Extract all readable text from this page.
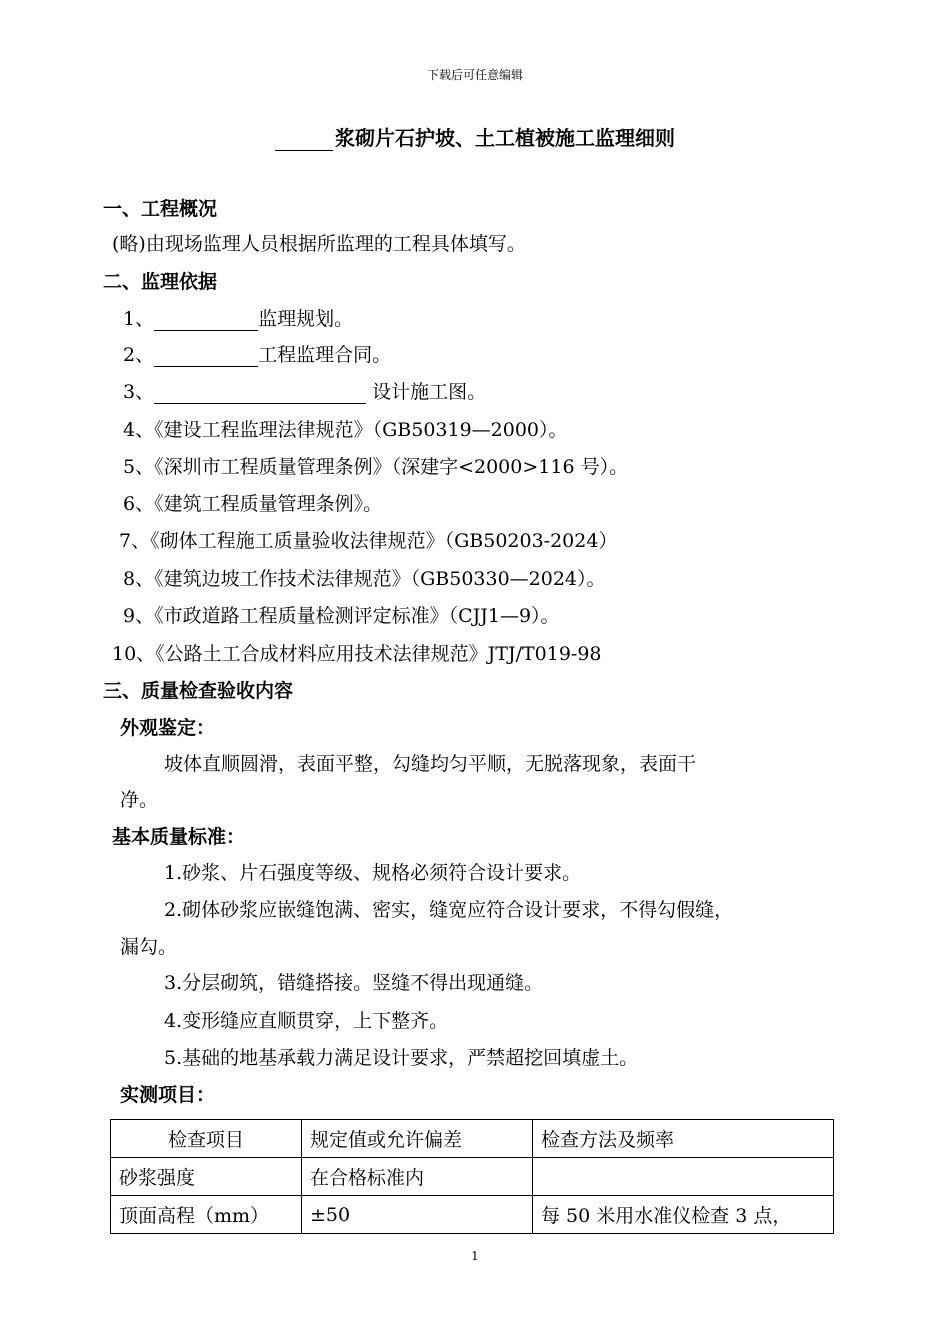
下载后可任意编辑
浆砌片石护坡、土工植被施工监理细则
一、工程概况
(略)由现场监理人员根据所监理的工程具体填写。
二、监理依据
1、	监理规划。
2、	工程监理合同。
3、	设计施工图。
4、《建设工程监理法律规范》（GB50319—2000）。
5、《深圳市工程质量管理条例》（深建字<2000>116 号）。
6、《建筑工程质量管理条例》。
7、《砌体工程施工质量验收法律规范》（GB50203-2024）
8、《建筑边坡工作技术法律规范》（GB50330—2024）。
9、《市政道路工程质量检测评定标准》（CJJ1—9）。
10、《公路土工合成材料应用技术法律规范》JTJ/T019-98
三、质量检查验收内容
外观鉴定：
坡体直顺圆滑，表面平整，勾缝均匀平顺，无脱落现象，表面干
净。
基本质量标准：
1.砂浆、片石强度等级、规格必须符合设计要求。
2.砌体砂浆应嵌缝饱满、密实，缝宽应符合设计要求，不得勾假缝，
漏勾。
3.分层砌筑，错缝搭接。竖缝不得出现通缝。
4.变形缝应直顺贯穿，上下整齐。
5.基础的地基承载力满足设计要求，严禁超挖回填虚土。
实测项目：
检查项目	规定值或允许偏差	检查方法及频率
砂浆强度	在合格标准内	
顶面高程（mm）	±50	每 50 米用水准仪检查 3 点，
1
